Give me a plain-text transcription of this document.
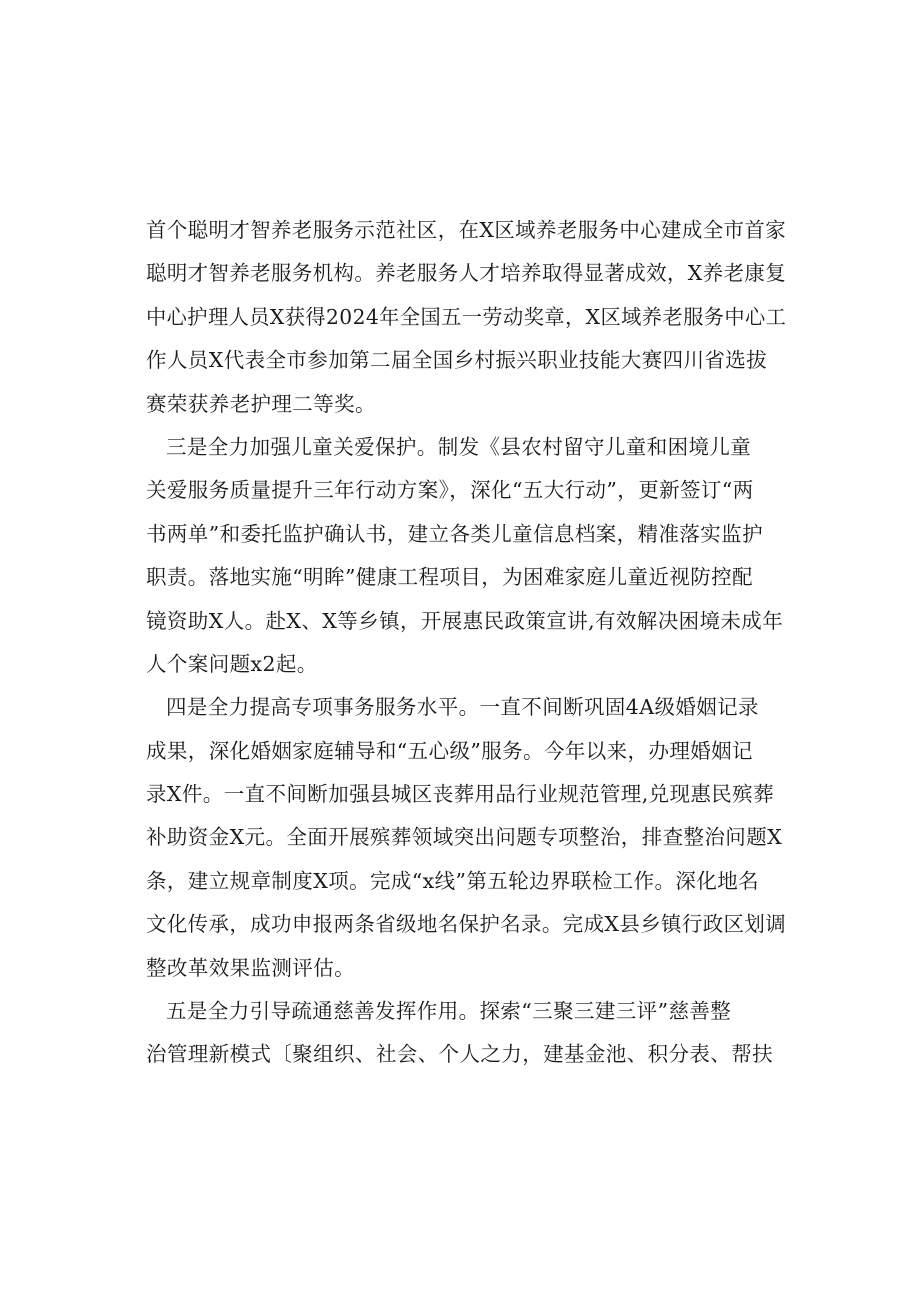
首个聪明才智养老服务示范社区，在X区域养老服务中心建成全市首家
聪明才智养老服务机构。养老服务人才培养取得显著成效，X养老康复
中心护理人员X获得2024年全国五一劳动奖章，X区域养老服务中心工
作人员X代表全市参加第二届全国乡村振兴职业技能大赛四川省选拔
赛荣获养老护理二等奖。
三是全力加强儿童关爱保护。制发《县农村留守儿童和困境儿童
关爱服务质量提升三年行动方案》，深化“五大行动”，更新签订“两
书两单”和委托监护确认书，建立各类儿童信息档案，精准落实监护
职责。落地实施“明眸”健康工程项目，为困难家庭儿童近视防控配
镜资助X人。赴X、X等乡镇，开展惠民政策宣讲,有效解决困境未成年
人个案问题x2起。
四是全力提高专项事务服务水平。一直不间断巩固4A级婚姻记录
成果，深化婚姻家庭辅导和“五心级”服务。今年以来，办理婚姻记
录X件。一直不间断加强县城区丧葬用品行业规范管理,兑现惠民殡葬
补助资金X元。全面开展殡葬领域突出问题专项整治，排查整治问题X
条，建立规章制度X项。完成“x线”第五轮边界联检工作。深化地名
文化传承，成功申报两条省级地名保护名录。完成X县乡镇行政区划调
整改革效果监测评估。
五是全力引导疏通慈善发挥作用。探索“三聚三建三评”慈善整
治管理新模式〔聚组织、社会、个人之力，建基金池、积分表、帮扶
